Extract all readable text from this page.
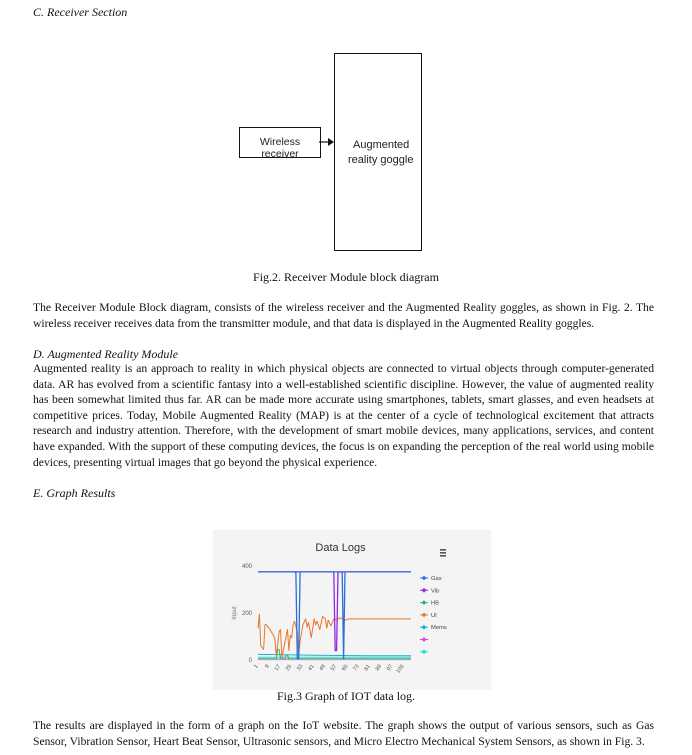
C. Receiver Section
Wireless receiver
Augmented
reality goggle
Fig.2. Receiver Module block diagram

The Receiver Module Block diagram, consists of the wireless receiver and the Augmented Reality goggles, as shown in Fig. 2. The wireless receiver receives data from the transmitter module, and that data is displayed in the Augmented Reality goggles.

D. Augmented Reality Module

Augmented reality is an approach to reality in which physical objects are connected to virtual objects through computer-generated data. AR has evolved from a scientific fantasy into a well-established scientific discipline. However, the value of augmented reality has been somewhat limited thus far. AR can be made more accurate using smartphones, tablets, smart glasses, and even headsets at competitive prices. Today, Mobile Augmented Reality (MAP) is at the center of a cycle of technological excitement that attracts research and industry attention. Therefore, with the development of smart mobile devices, many applications, services, and content have expanded. With the support of these computing devices, the focus is on expanding the perception of the real world using mobile devices, presenting virtual images that go beyond the physical experience.

E. Graph Results
Data Logs
Input
0
200
400
1 9 17 25 33 41 49 57 65 73 81 89 97 105
Gas
Vib
HB
UI
Mems
Fig.3 Graph of IOT data log.

The results are displayed in the form of a graph on the IoT website. The graph shows the output of various sensors, such as Gas Sensor, Vibration Sensor, Heart Beat Sensor, Ultrasonic sensors, and Micro Electro Mechanical System Sensors, as shown in Fig. 3.
